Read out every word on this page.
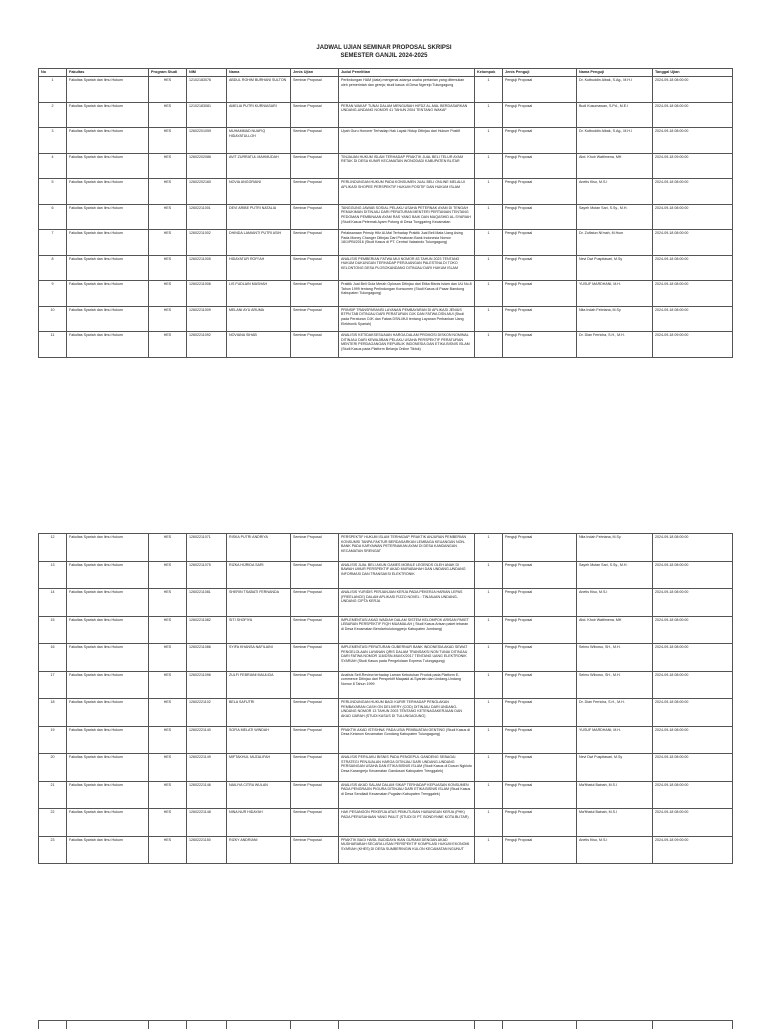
JADWAL UJIAN SEMINAR PROPOSAL SKRIPSI
SEMESTER GANJIL 2024-2025
No	Fakultas	Program Studi	NIM	Nama	Jenis Ujian	Judul Penelitian	Kelompok	Jenis Penguji	Nama Penguji	Tanggal Ujian
1	Fakultas Syariah dan Ilmu Hukum	HES	12102183076	ABDUL ROHIM BURHANI SULTON	Seminar Proposal	Perlindungan HAM (data) mengenai adanya usaha pertanian yang ditemukan oleh pemerintah dan gereja; studi kasus di Desa Ngerejo Tulungagung	1	Penguji Proposal	Dr. Kutbuddin Aibak, S.Ag., M.H.I	2024-09-18 08:00:00
2	Fakultas Syariah dan Ilmu Hukum	HES	12102183081	AMELIA PUTRI KURNIASARI	Seminar Proposal	PERAN WAKAF TUNAI DALAM MENGUBAH HIFDZ AL-MAL BERDASARKAN UNDANG-UNDANG NOMOR 41 TAHUN 2004 TENTANG WAKAF	1	Penguji Proposal	Budi Kusumawan, S.Pd., M.E.I	2024-09-18 08:00:00
3	Fakultas Syariah dan Ilmu Hukum	HES	12602201059	MUHAMMAD NUAFIQ HIDAYATULLOH	Seminar Proposal	Upah Guru Honorer Terhadap Hak Layak Hidup Ditinjau dari Hukum Positif	1	Penguji Proposal	Dr. Kutbuddin Aibak, S.Ag., M.H.I	2024-09-18 08:00:00
4	Fakultas Syariah dan Ilmu Hukum	HES	12602202086	AVIT ZURRATUL MAHMUDAH	Seminar Proposal	TINJAUAN HUKUM ISLAM TERHADAP PRAKTIK JUAL BELI TELUR AYAM RETAK DI DESA KUNIR KECAMATAN WONODADI KABUPATEN BLITAR	1	Penguji Proposal	Abd. Khoir Wattimena, MH	2024-09-18 09:00:00
5	Fakultas Syariah dan Ilmu Hukum	HES	12602202160	NOVIA ANGGRAINI	Seminar Proposal	PERLINDUNGAN HUKUM PADA KONSUMEN JUAL BELI ONLINE MELALUI APLIKASI SHOPEE PERSPEKTIF HUKUM POSITIF DAN HUKUM ISLAM	1	Penguji Proposal	Anetis Kiso, M.S.I	2024-09-18 08:00:00
6	Fakultas Syariah dan Ilmu Hukum	HES	12602211001	DEVI ARIBE PUTRI NATALIA	Seminar Proposal	TANGGUNG JAWAB SOSIAL PELAKU USAHA PETERNAK AYAM DI TENGAH PEMUKIMAN DITINJAU DARI PERATURAN MENTERI PERTANIAN TENTANG PEDOMAN PEMBINAAN AYAM RAS YANG BAIK DAN MAQASHID AL-SYARIAH (Studi Kasus Peternak Ayam Potong di Desa Tunggaring Kecamatan	1	Penguji Proposal	Sayeh Mutan Sari, S.Sy., M.H.	2024-09-18 08:00:00
7	Fakultas Syariah dan Ilmu Hukum	HES	12602211002	DHINDA LAMIANTI PUTRI ASIH	Seminar Proposal	Pelaksanaan Prinsip Hifz Al-Mal Terhadap Praktik Jual Beli Mata Uang Asing Pada Money Changer Ditinjau Dari Peraturan Bank Indonesia Nomor 18/1/PBI/2016 (Studi Kasus di PT. Central Valasindo Tulungagung)	1	Penguji Proposal	Dr. Zulfatun Ni'mah, M.Hum	2024-09-18 08:00:00
8	Fakultas Syariah dan Ilmu Hukum	HES	12602211005	HIDAYATUR ROFI'AH	Seminar Proposal	ANALISIS PEMBERIAN FATWA MUI NOMOR 83 TAHUN 2023 TENTANG HUKUM DUKUNGAN TERHADAP PERJUANGAN PALESTINA DI TOKO KELONTONG DESA PLOSOKANDANG DITINJAU DARI HUKUM ISLAM	1	Penguji Proposal	Nevi Dwi Puspitasari, M.Sy	2024-09-18 08:00:00
9	Fakultas Syariah dan Ilmu Hukum	HES	12602211006	LIS FUDLAIN MASHAH	Seminar Proposal	Praktik Jual Beli Gula Merah Oplosan Ditinjau dari Etika Bisnis Islam dan UU No.8 Tahun 1999 tentang Perlindungan Konsumen (Studi Kasus di Pasar Bandung Kabupaten Tulungagung)	1	Penguji Proposal	YUSUF MARDHANI, M.H.	2024-09-18 08:00:00
10	Fakultas Syariah dan Ilmu Hukum	HES	12602211009	MELANI AYU ARUMA	Seminar Proposal	PRINSIP TRANSPARANSI LAYANAN PEMBAYARAN DI APLIKASI JENIUS BTPN TAB DITINJAU DARI PERATURAN OJK DAN FATWA DSN-MUI (Studi pada Peraturan OJK dan Fatwa DSN-MUI tentang Layanan Perbankan Uang Elektronik Syariah)	1	Penguji Proposal	Nita Indah Febriana, M.Sy	2024-09-18 08:00:00
11	Fakultas Syariah dan Ilmu Hukum	HES	12602211092	NOVIANA SIHAB	Seminar Proposal	ANALISIS KETIDAKSESUAIAN HARGA DALAM PROMOSI DISKON NOMINAL DITINJAU DARI KEWAJIBAN PELAKU USAHA PERSPEKTIF PERATURAN MENTERI PERDAGANGAN REPUBLIK INDONESIA DAN ETIKA BISNIS ISLAM (Studi Kasus pada Platform Belanja Online Tiktok)	1	Penguji Proposal	Dr. Dian Ferricha, S.H., M.H.	2024-09-18 09:00:00
12	Fakultas Syariah dan Ilmu Hukum	HES	12602211071	RISKA PUTRI ANDRIYA	Seminar Proposal	PERSPEKTIF HUKUM ISLAM TERHADAP PRAKTIK ANJURAN PEMBERIAN KONSUMSI TANPA FAKTUR BERDASARKAN LEMBAGA KEUANGAN NON-BANK PADA KARYAWAN PETERNAKAN AYAM DI DESA KANDANGAN KECAMATAN SRENGAT	1	Penguji Proposal	Nita Indah Febriana, M.Sy	2024-09-18 08:00:00
13	Fakultas Syariah dan Ilmu Hukum	HES	12602211075	RIZKA HIJRIDA SARI	Seminar Proposal	ANALISIS JUAL BELI AKUN GAMES MOBILE LEGENDS OLEH ANAK DI BAWAH UMUR PERSPEKTIF AKAD MURABAHAH DAN UNDANG-UNDANG INFORMASI DAN TRANSAKSI ELEKTRONIK	1	Penguji Proposal	Sayeh Mutan Sari, S.Sy., M.H.	2024-09-18 08:00:00
14	Fakultas Syariah dan Ilmu Hukum	HES	12602211081	SHERIN TSABATI FERNANDA	Seminar Proposal	ANALISIS YURIDIS PERJANJIAN KERJA PADA PEKERJA HARIAN LEPAS (FREELANCE) DALAM APLIKASI FIZZO NOVEL : TINJAUAN UNDANG-UNDANG CIPTA KERJA	1	Penguji Proposal	Anetis Kiso, M.S.I	2024-09-18 08:00:00
15	Fakultas Syariah dan Ilmu Hukum	HES	12602211082	SITI SHOFIYA	Seminar Proposal	IMPLEMENTASI AKAD WADIAH DALAM SISTEM KELOMPOK ARISAN PAKET LEBARAN PERSPEKTIF FIQH MUAMALAH ( Studi Kasus Arisan paket lebaran di Desa Kecamatan Bendarhulutunggrejo Kabupaten Jombang)	1	Penguji Proposal	Abd. Khoir Wattimena, MH	2024-09-18 08:00:00
16	Fakultas Syariah dan Ilmu Hukum	HES	12602211086	SYIFA KHANSA NAFILAINI	Seminar Proposal	IMPLEMENTASI PERATURAN GUBERNUR BANK INDONESIA AKAD SEWAT PENGELOLAAN LAYANAN QRIS DALAM TRANSAKSI NON TUNAI DITINJAU DARI FATWA NOMOR 116/DSN-MUI/IX/2017 TENTANG UANG ELEKTRONIK SYARIAH (Studi Kasus pada Pengelolaan Express Tulungagung)	1	Penguji Proposal	Selmo Wibowo, SH., M.H.	2024-09-18 08:00:00
17	Fakultas Syariah dan Ilmu Hukum	HES	12602211096	ZULFI FEBRIANI MAULIDA	Seminar Proposal	Analisis Self-Review terhadap Laman Kebutuhan Produk pada Platform E-commerce Ditinjau dari Perspektif Maqasid al-Syariah dan Undang-Undang Nomor 8 Tahun 1999	1	Penguji Proposal	Selmo Wibowo, SH., M.H.	2024-09-18 08:00:00
18	Fakultas Syariah dan Ilmu Hukum	HES	12602221102	BELA SAFUTRI	Seminar Proposal	PERLINDUNGAN HUKUM BAGI KURIR TERHADAP PENOLAKAN PEMBAYARAN CASH ON DELIVERY (COD) DITINJAU DARI UNDANG-UNDANG NOMOR 13 TAHUN 2003 TENTANG KETENAGAKERJAAN DAN AKAD IJARAH (STUDI KASUS DI TULUNGAGUNG)	1	Penguji Proposal	Dr. Dian Ferricha, S.H., M.H.	2024-09-18 08:00:00
19	Fakultas Syariah dan Ilmu Hukum	HES	12602221140	SOFIA MELATI WINDAH	Seminar Proposal	PRAKTIK AKAD ISTISHNA' PADA USIA PEMBUATAN GENTING (Studi Kasus di Desa Ketanon Kecamatan Gondang Kabupaten Tulungagung)	1	Penguji Proposal	YUSUF MARDHANI, M.H.	2024-09-18 08:00:00
20	Fakultas Syariah dan Ilmu Hukum	HES	12602221149	MIFTAKHUL MUZALIFAH	Seminar Proposal	ANALISIS PERILAKU BISNIS PADA PENGEPUL GANDENG SEBAGAI STRATEGI PENJUALAN HARGA DITINJAU DARI UNDANG-UNDANG PERSAINGAN USAHA DAN ETIKA BISNIS ISLAM (Studi Kasus di Dusun Ngkloto Desa Karangrejo Kecamatan Gandusari Kabupaten Trenggalek)	1	Penguji Proposal	Nevi Dwi Puspitasari, M.Sy	2024-09-18 08:00:00
21	Fakultas Syariah dan Ilmu Hukum	HES	12602221146	NAILIYA CITRA WULAN	Seminar Proposal	ANALISIS AKAD SALAM DALAM SIKAP TERHADAP KEPUASAN KONSUMEN PADA PENGRAJIN PIGURA DITINJAU DARI ETIKA BISNIS ISLAM (Studi Kasus di Desa Sendiadi Kecamatan Pogalan Kabupaten Trenggalek)	1	Penguji Proposal	Ma'fthatul Bainah, M.S.I	2024-09-18 08:00:00
22	Fakultas Syariah dan Ilmu Hukum	HES	12602221148	NINA NUR HIDAYAH	Seminar Proposal	HAK PESANGON PEKERJA ATAS PEMUTUSAN HUBUNGAN KERJA (PHK) PADA PERUSAHAAN YANG PAILIT (STUDI DI PT. BONDYNNE KOTA BLITAR)	1	Penguji Proposal	Ma'fthatul Bainah, M.S.I	2024-09-18 08:00:00
23	Fakultas Syariah dan Ilmu Hukum	HES	12602221150	RIZKY ANDRIANI	Seminar Proposal	PRAKTIK BAGI HASIL BUDIDAYA IKAN GURAMI DENGAN AKAD MUDHARABAH SECARA LISAN PERSPEKTIF KOMPILASI HUKUM EKONOMI SYARIAH (KHES) DI DESA SUMBERINGIN KULON KECAMATAN NGUNUT	1	Penguji Proposal	Anetis Kiso, M.S.I	2024-09-18 09:00:00
